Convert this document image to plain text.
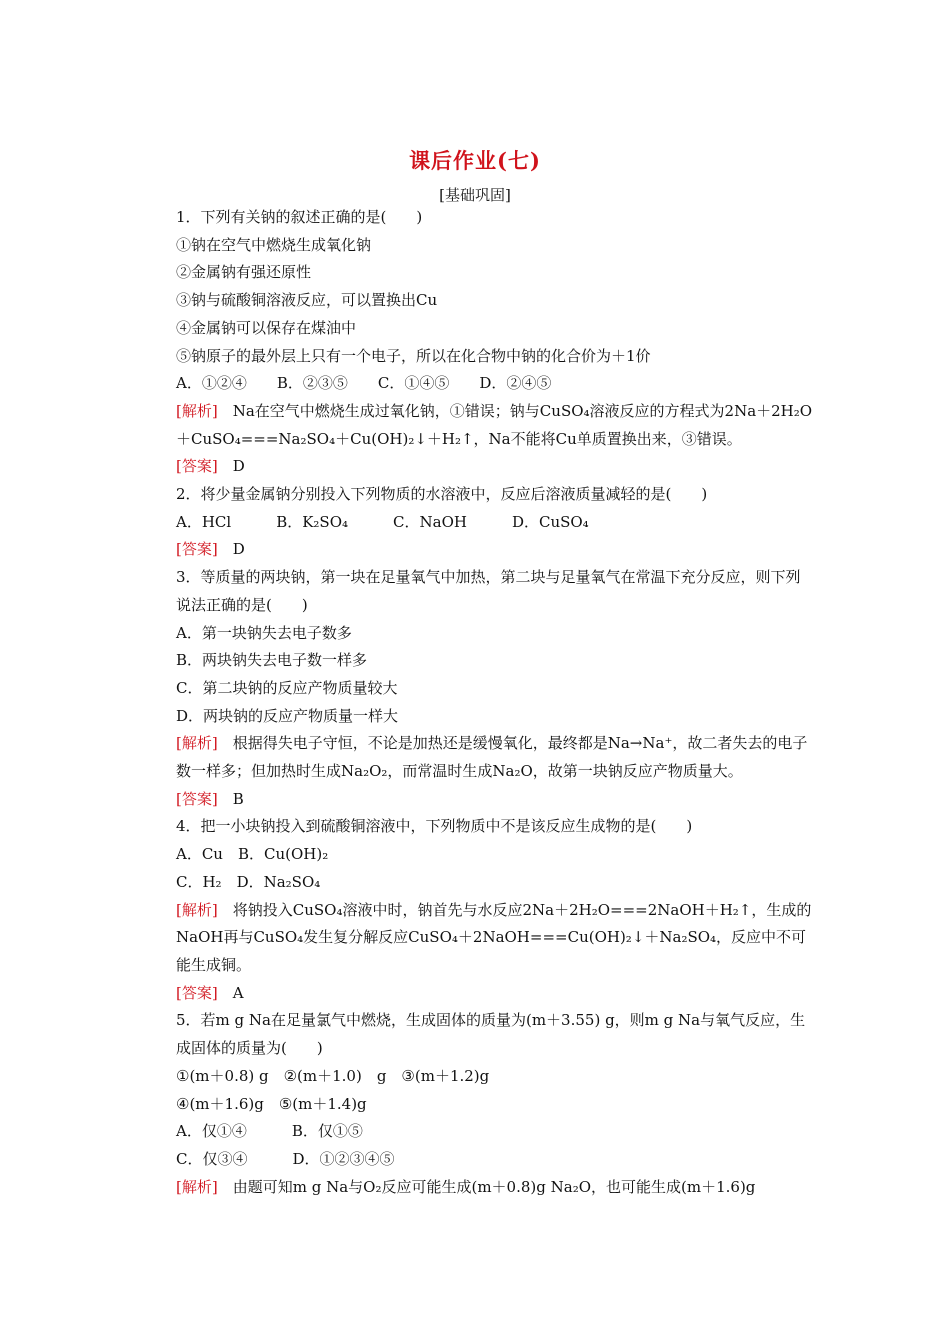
课后作业(七)
[基础巩固]
1．下列有关钠的叙述正确的是(　　)
①钠在空气中燃烧生成氧化钠
②金属钠有强还原性
③钠与硫酸铜溶液反应，可以置换出Cu
④金属钠可以保存在煤油中
⑤钠原子的最外层上只有一个电子，所以在化合物中钠的化合价为＋1价
A．①②④　　B．②③⑤　　C．①④⑤　　D．②④⑤
[解析]　 Na在空气中燃烧生成过氧化钠，①错误；钠与CuSO₄溶液反应的方程式为2Na＋2H₂O＋CuSO₄===Na₂SO₄＋Cu(OH)₂↓＋H₂↑，Na不能将Cu单质置换出来，③错误。
[答案]　 D
2．将少量金属钠分别投入下列物质的水溶液中，反应后溶液质量减轻的是(　　)
A．HCl　　　B．K₂SO₄　　　C．NaOH　　　D．CuSO₄
[答案]　 D
3．等质量的两块钠，第一块在足量氧气中加热，第二块与足量氧气在常温下充分反应，则下列说法正确的是(　　)
A．第一块钠失去电子数多
B．两块钠失去电子数一样多
C．第二块钠的反应产物质量较大
D．两块钠的反应产物质量一样大
[解析]　 根据得失电子守恒，不论是加热还是缓慢氧化，最终都是Na→Na⁺，故二者失去的电子数一样多；但加热时生成Na₂O₂，而常温时生成Na₂O，故第一块钠反应产物质量大。
[答案]　 B
4．把一小块钠投入到硫酸铜溶液中，下列物质中不是该反应生成物的是(　　)
A．Cu　B．Cu(OH)₂
C．H₂　D．Na₂SO₄
[解析]　 将钠投入CuSO₄溶液中时，钠首先与水反应2Na＋2H₂O===2NaOH＋H₂↑，生成的NaOH再与CuSO₄发生复分解反应CuSO₄＋2NaOH===Cu(OH)₂↓＋Na₂SO₄，反应中不可能生成铜。
[答案]　 A
5．若m g Na在足量氯气中燃烧，生成固体的质量为(m＋3.55) g，则m g Na与氧气反应，生成固体的质量为(　　)
①(m＋0.8) g　②(m＋1.0)　g　③(m＋1.2)g
④(m＋1.6)g　⑤(m＋1.4)g
A．仅①④　　　B．仅①⑤
C．仅③④　　　D．①②③④⑤
[解析]　 由题可知m g Na与O₂反应可能生成(m＋0.8)g Na₂O，也可能生成(m＋1.6)g
